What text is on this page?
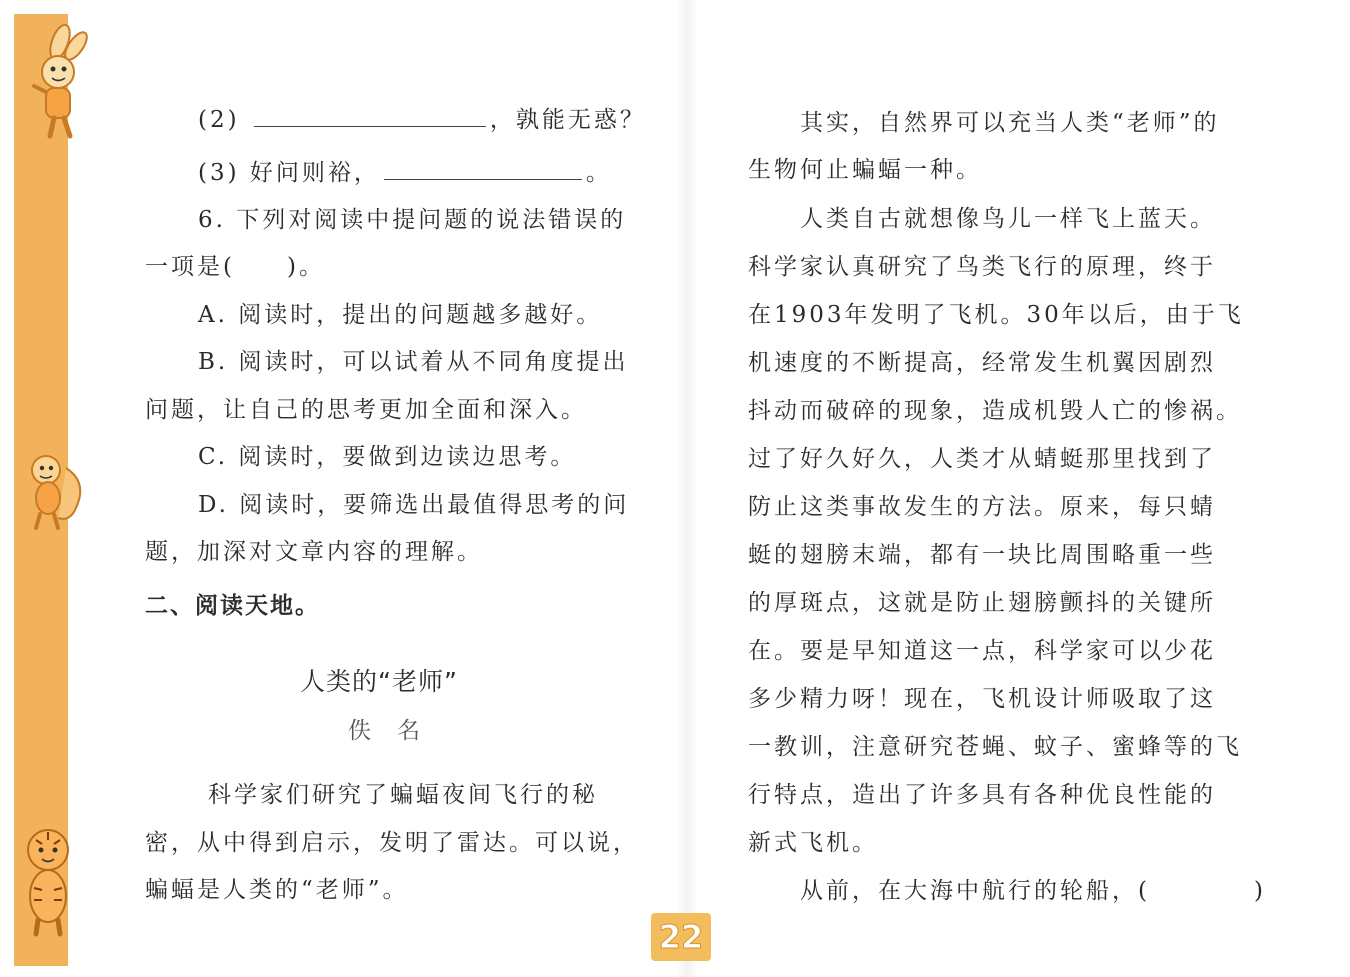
(2)	，孰能无惑？
(3) 好问则裕，	。
6. 下列对阅读中提问题的说法错误的
一项是(　　)。
A. 阅读时，提出的问题越多越好。
B. 阅读时，可以试着从不同角度提出
问题，让自己的思考更加全面和深入。
C. 阅读时，要做到边读边思考。
D. 阅读时，要筛选出最值得思考的问
题，加深对文章内容的理解。
二、阅读天地。
人类的“老师”
佚名
科学家们研究了蝙蝠夜间飞行的秘
密，从中得到启示，发明了雷达。可以说，
蝙蝠是人类的“老师”。
其实，自然界可以充当人类“老师”的
生物何止蝙蝠一种。
人类自古就想像鸟儿一样飞上蓝天。
科学家认真研究了鸟类飞行的原理，终于
在1903年发明了飞机。30年以后，由于飞
机速度的不断提高，经常发生机翼因剧烈
抖动而破碎的现象，造成机毁人亡的惨祸。
过了好久好久，人类才从蜻蜓那里找到了
防止这类事故发生的方法。原来，每只蜻
蜓的翅膀末端，都有一块比周围略重一些
的厚斑点，这就是防止翅膀颤抖的关键所
在。要是早知道这一点，科学家可以少花
多少精力呀！现在，飞机设计师吸取了这
一教训，注意研究苍蝇、蚊子、蜜蜂等的飞
行特点，造出了许多具有各种优良性能的
新式飞机。
从前，在大海中航行的轮船，(　　　　)
22
